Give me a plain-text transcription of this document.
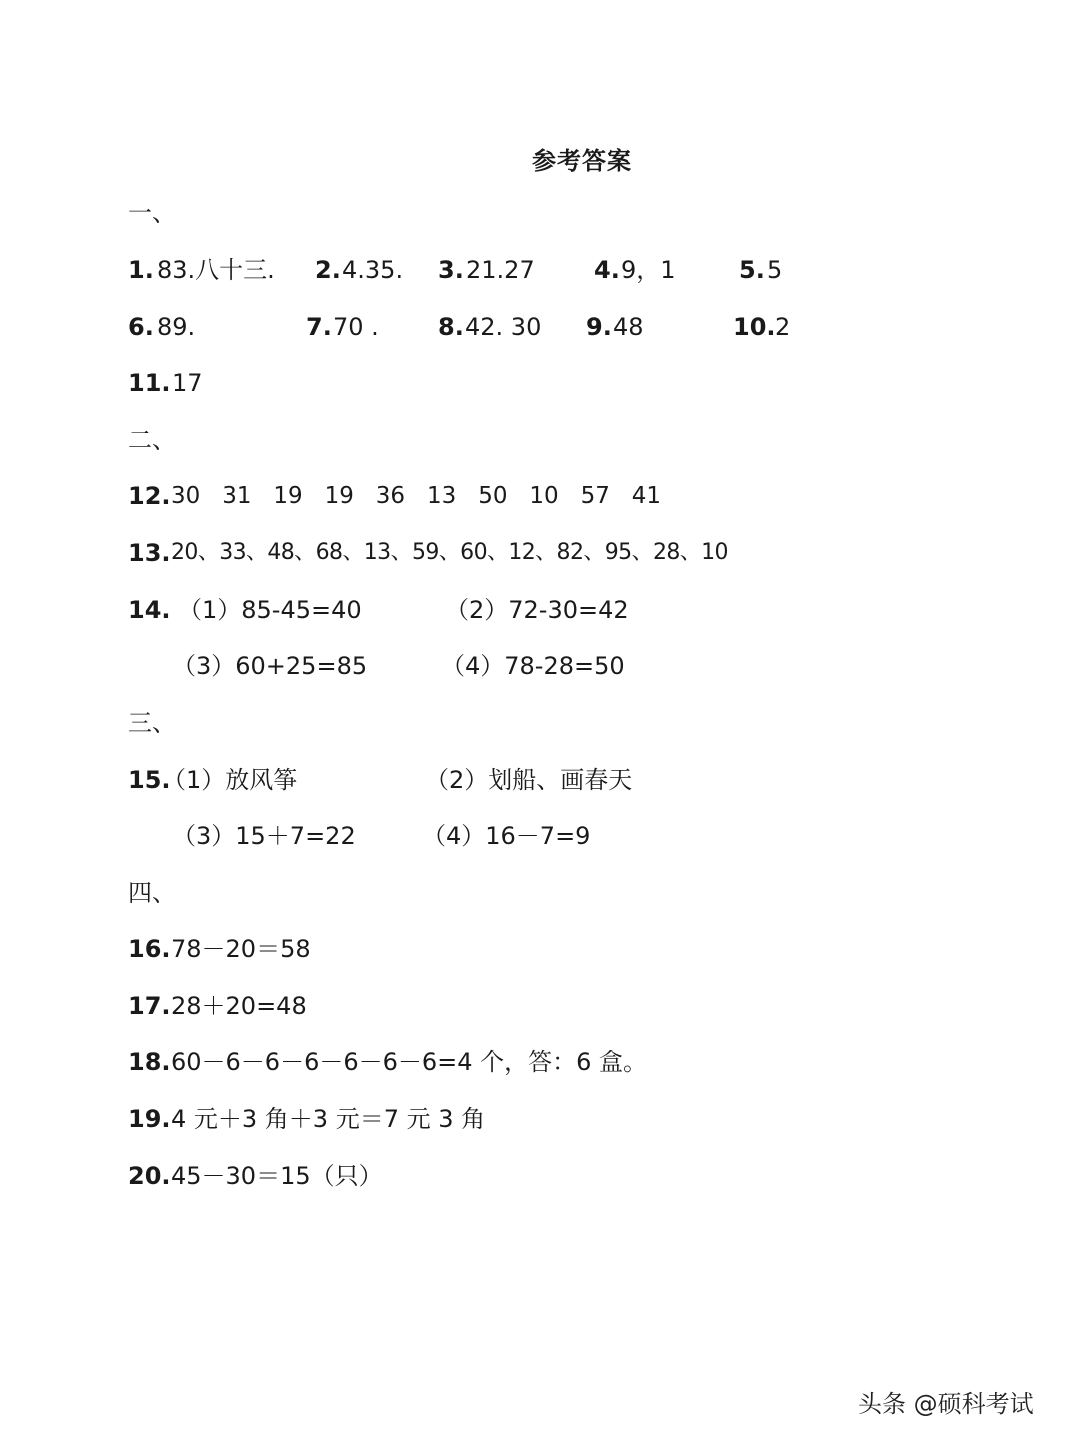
参考答案
一、
1. 83.八十三. 2. 4.35. 3. 21.27 4. 9，1	5. 5
6. 89.	7. 70 . 8. 42. 30 9. 48	10. 2
11. 17
二、
12. 30   31   19   19   36   13   50   10   57   41
13. 20、33、48、68、13、59、60、12、82、95、28、10
14. （1）85-45=40	（2）72-30=42
（3）60+25=85	（4）78-28=50
三、
15.
（1）放风筝	（2）划船、画春天
（3）15＋7=22	（4）16－7=9
四、
16. 78－20＝58
17. 28＋20=48
18. 60－6－6－6－6－6－6=4 个，答：6 盒。
19. 4 元＋3 角＋3 元＝7 元 3 角
20. 45－30＝15（只）
头条 @硕科考试
